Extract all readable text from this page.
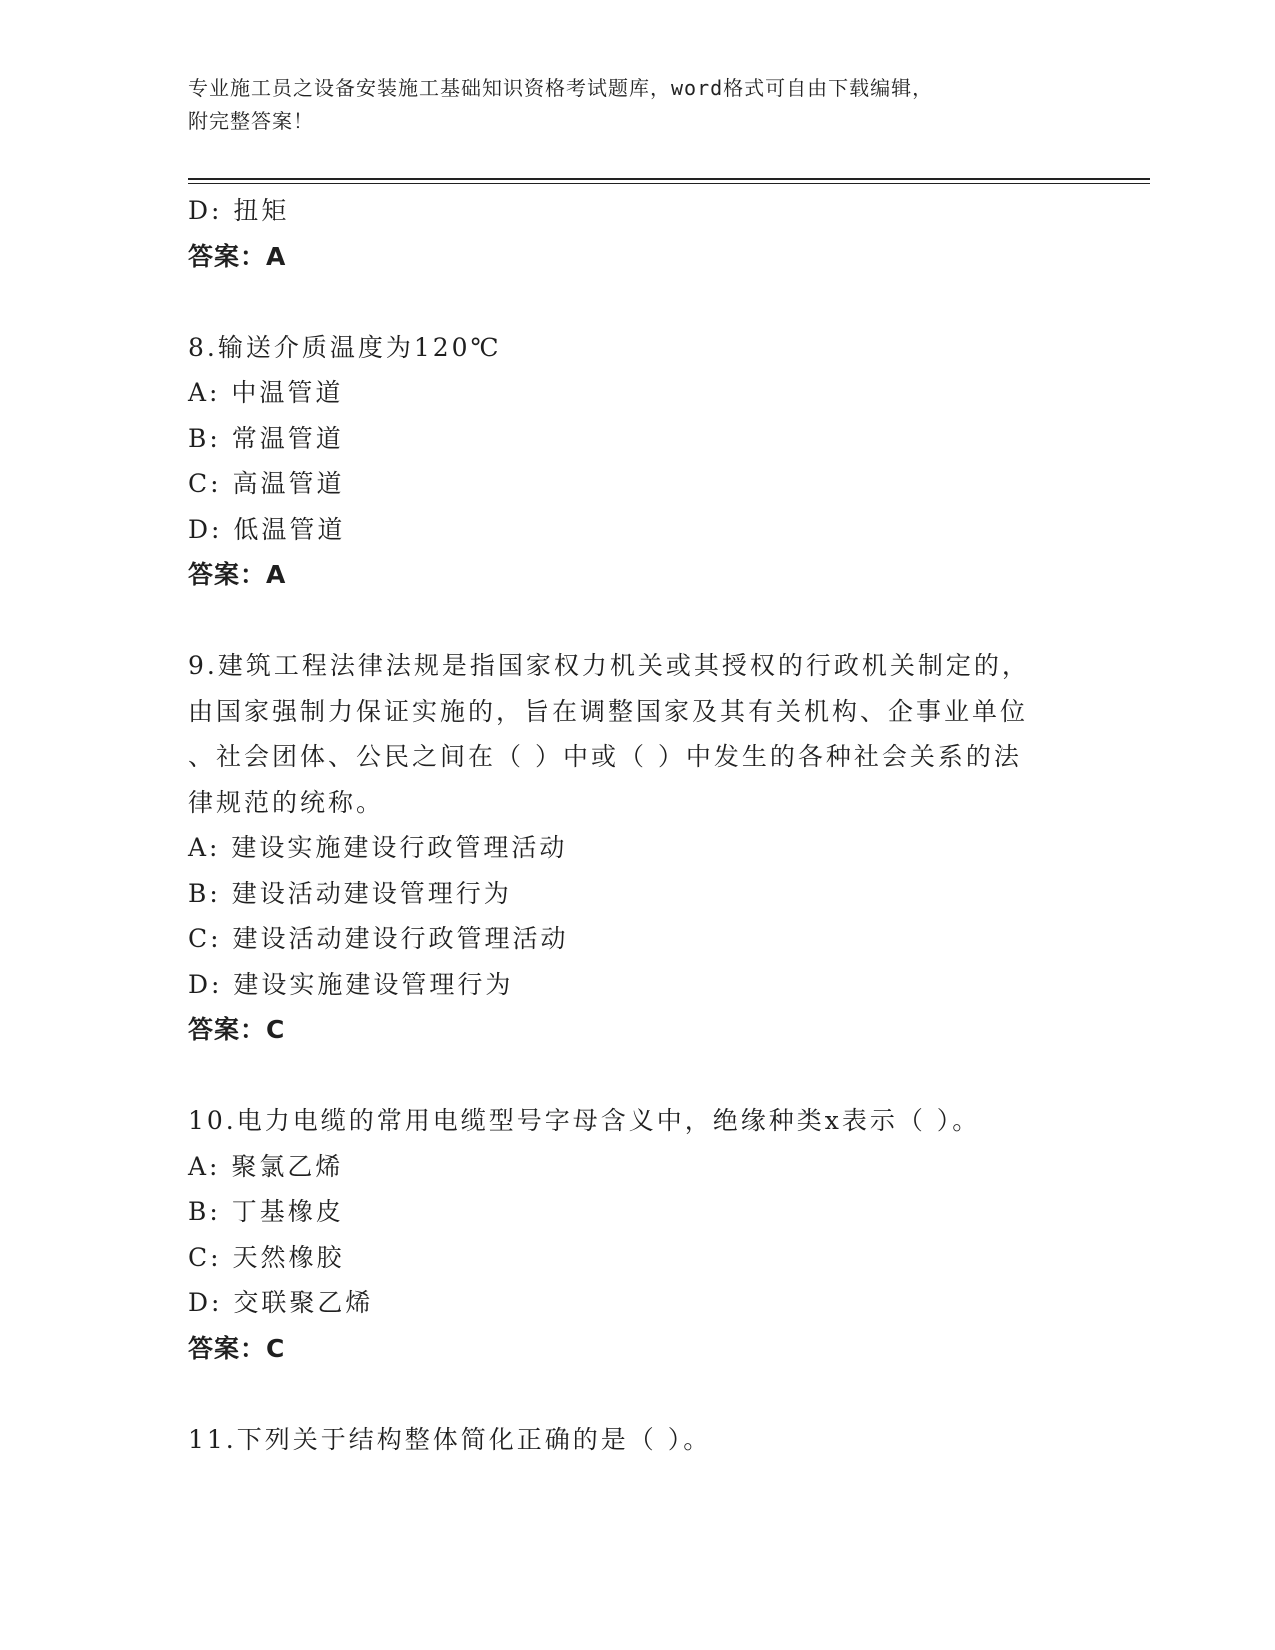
专业施工员之设备安装施工基础知识资格考试题库，word格式可自由下载编辑，
附完整答案！
D: 扭矩
答案：A
8.输送介质温度为120℃
A: 中温管道
B: 常温管道
C: 高温管道
D: 低温管道
答案：A
9.建筑工程法律法规是指国家权力机关或其授权的行政机关制定的，
由国家强制力保证实施的，旨在调整国家及其有关机构、企事业单位
、社会团体、公民之间在（ ）中或（ ）中发生的各种社会关系的法
律规范的统称。
A: 建设实施建设行政管理活动
B: 建设活动建设管理行为
C: 建设活动建设行政管理活动
D: 建设实施建设管理行为
答案：C
10.电力电缆的常用电缆型号字母含义中，绝缘种类x表示（ ）。
A: 聚氯乙烯
B: 丁基橡皮
C: 天然橡胶
D: 交联聚乙烯
答案：C
11.下列关于结构整体简化正确的是（ ）。
